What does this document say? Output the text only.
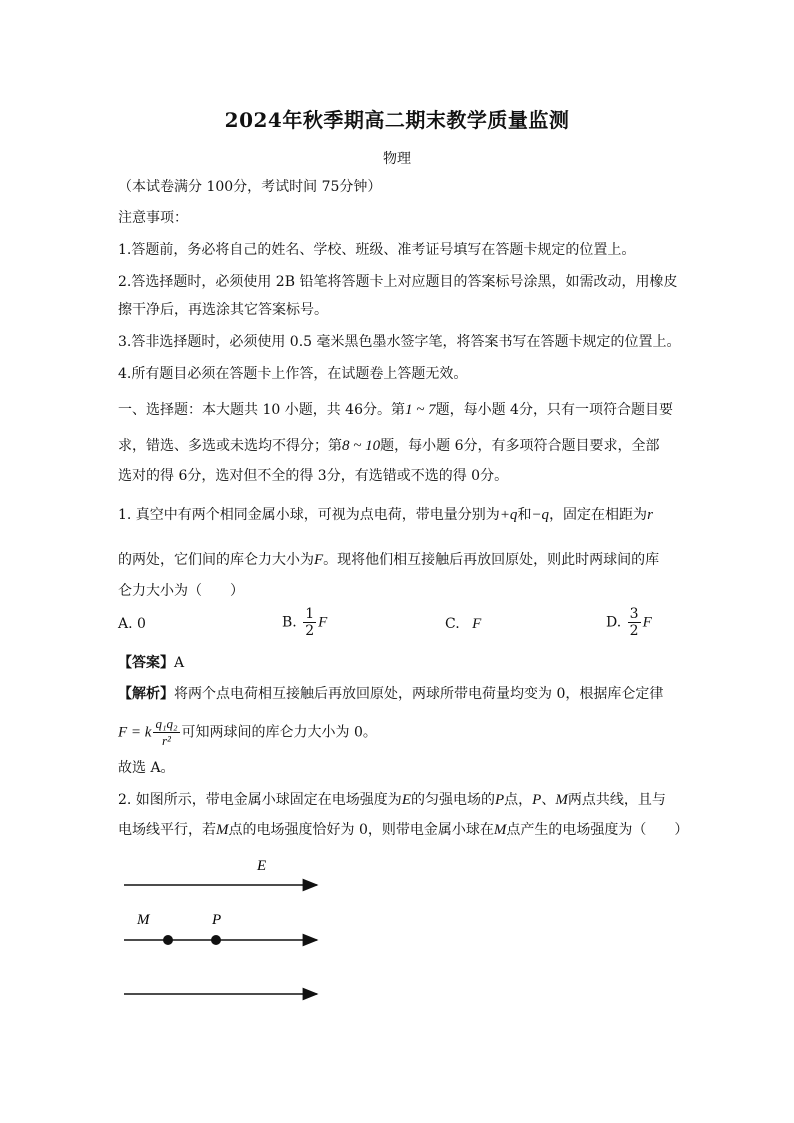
2024年秋季期高二期末教学质量监测
物理
（本试卷满分 100分，考试时间 75分钟）
注意事项：
1.答题前，务必将自己的姓名、学校、班级、准考证号填写在答题卡规定的位置上。
2.答选择题时，必须使用 2B 铅笔将答题卡上对应题目的答案标号涂黑，如需改动，用橡皮
擦干净后，再选涂其它答案标号。
3.答非选择题时，必须使用 0.5 毫米黑色墨水签字笔，将答案书写在答题卡规定的位置上。
4.所有题目必须在答题卡上作答，在试题卷上答题无效。
一、选择题：本大题共 10 小题，共 46分。第1 ~ 7题，每小题 4分，只有一项符合题目要
求，错选、多选或未选均不得分；第8 ~ 10题，每小题 6分，有多项符合题目要求，全部
选对的得 6分，选对但不全的得 3分，有选错或不选的得 0分。
1. 真空中有两个相同金属小球，可视为点电荷，带电量分别为+q和−q，固定在相距为r
的两处，它们间的库仑力大小为F。现将他们相互接触后再放回原处，则此时两球间的库
仑力大小为（　　）
A. 0	B. $\frac{1}{2}$ F	C. F	D. $\frac{3}{2}$ F
【答案】A
【解析】将两个点电荷相互接触后再放回原处，两球所带电荷量均变为 0，根据库仑定律
F = k $\frac{\text{q₁q₂}}{\text{r²}}$ 可知两球间的库仑力大小为 0。
故选 A。
2. 如图所示，带电金属小球固定在电场强度为E的匀强电场的P点，P、M两点共线，且与
电场线平行，若M点的电场强度恰好为 0，则带电金属小球在M点产生的电场强度为（　　）
E
M	P
